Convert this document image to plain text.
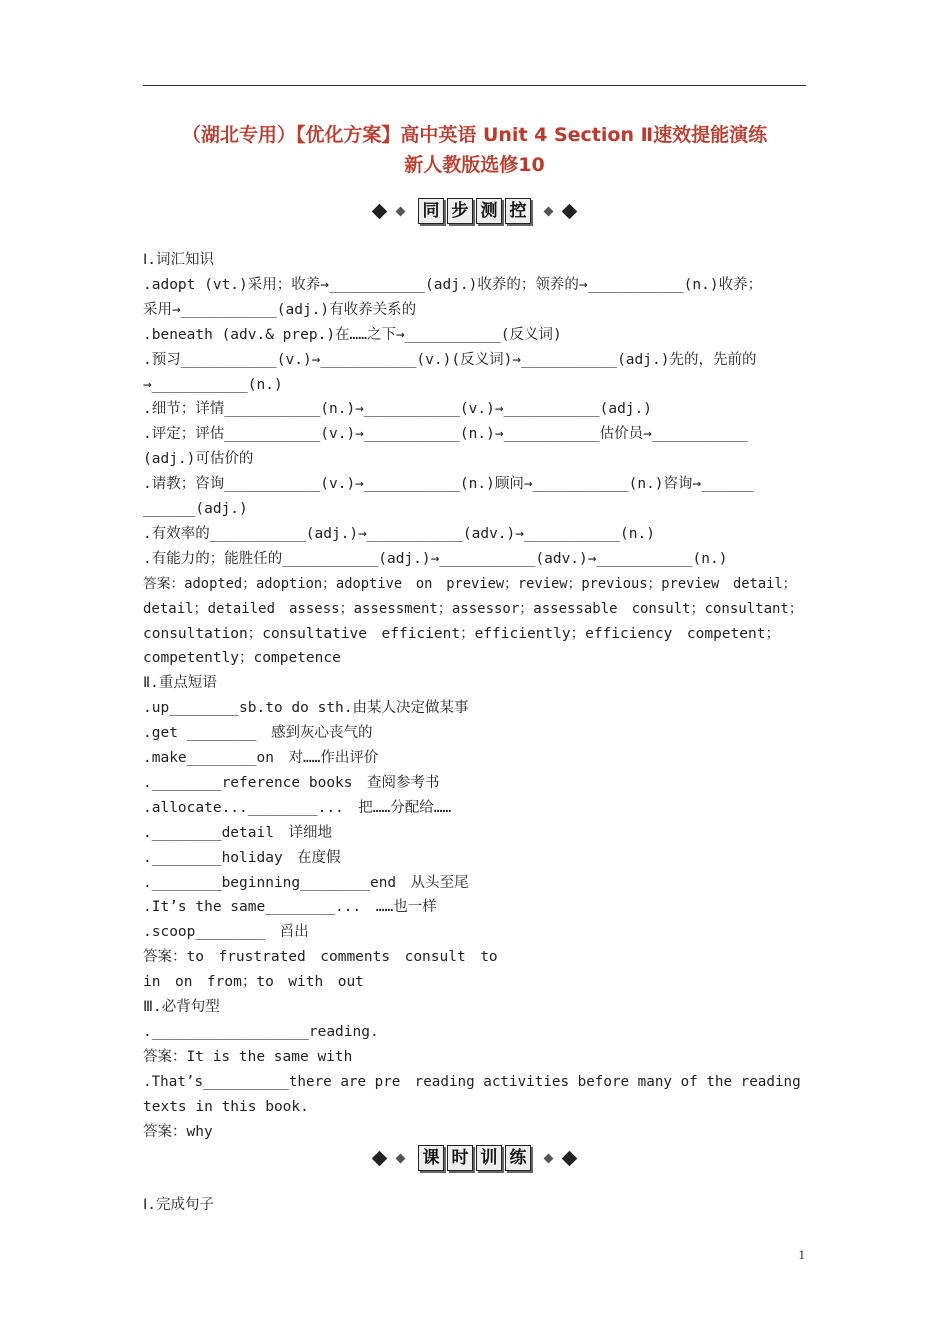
（湖北专用）【优化方案】高中英语 Unit 4 Section Ⅱ速效提能演练
新人教版选修10
同 步 测 控
Ⅰ.词汇知识
.adopt (vt.)采用；收养→___________(adj.)收养的；领养的→___________(n.)收养；
采用→___________(adj.)有收养关系的
.beneath (adv.& prep.)在……之下→___________(反义词)
.预习___________(v.)→___________(v.)(反义词)→___________(adj.)先的，先前的
→___________(n.)
.细节；详情___________(n.)→___________(v.)→___________(adj.)
.评定；评估___________(v.)→___________(n.)→___________估价员→___________
(adj.)可估价的
.请教；咨询___________(v.)→___________(n.)顾问→___________(n.)咨询→______
______(adj.)
.有效率的___________(adj.)→___________(adv.)→___________(n.)
.有能力的；能胜任的___________(adj.)→___________(adv.)→___________(n.)
答案：adopted；adoption；adoptive　on　preview；review；previous；preview　detail；
detail；detailed　assess；assessment；assessor；assessable　consult；consultant；
consultation；consultative　efficient；efficiently；efficiency　competent；
competently；competence
Ⅱ.重点短语
.up________sb.to do sth.由某人决定做某事
.get ________　感到灰心丧气的
.make________on　对……作出评价
.________reference books　查阅参考书
.allocate...________...　把……分配给……
.________detail　详细地
.________holiday　在度假
.________beginning________end　从头至尾
.It’s the same________...　……也一样
.scoop________　舀出
答案：to　frustrated　comments　consult　to
in　on　from；to　with　out
Ⅲ.必背句型
.__________________reading.
答案：It is the same with
.That’s__________there are pre　reading activities before many of the reading
texts in this book.
答案：why
Ⅰ.完成句子
课 时 训 练
1
